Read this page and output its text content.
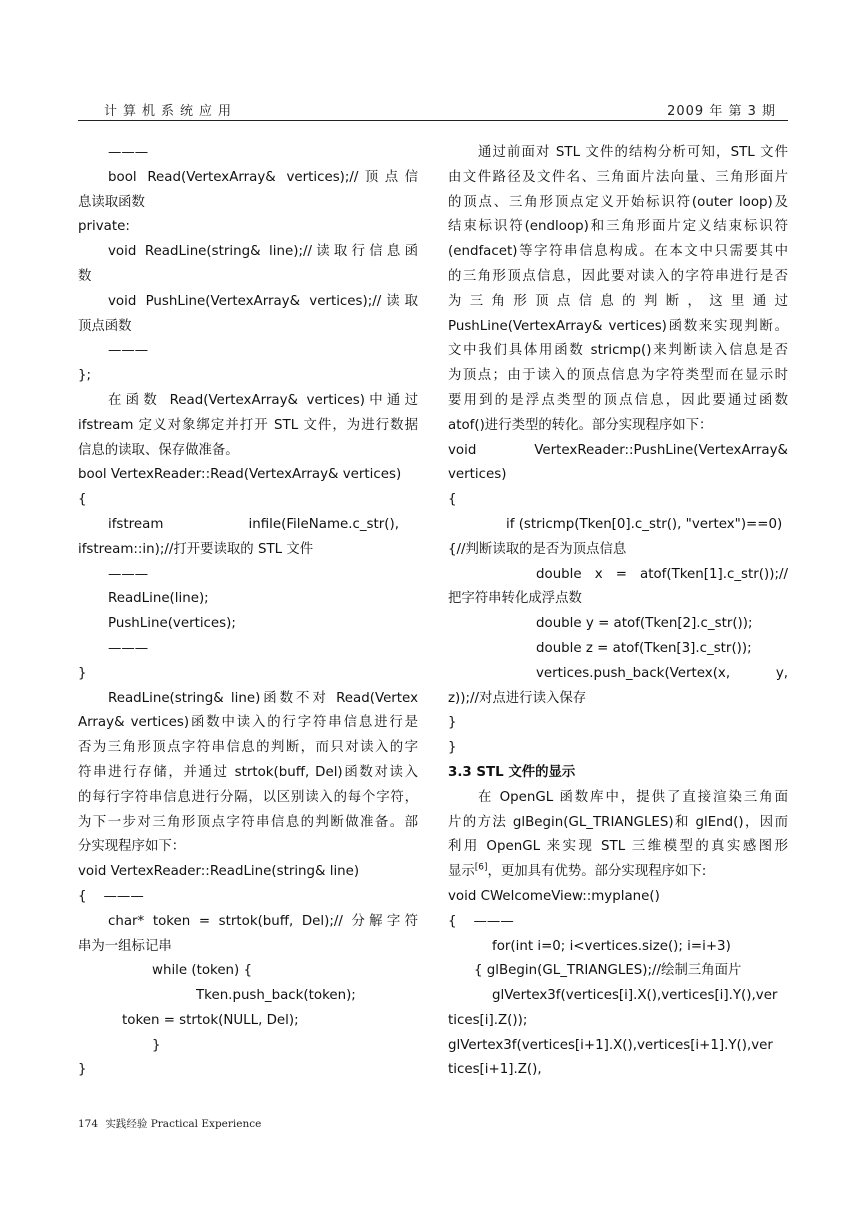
计算机系统应用	2009 年 第 3 期
———
bool Read(VertexArray& vertices);//顶点信
息读取函数
private:
void ReadLine(string& line);//读取行信息函
数
void PushLine(VertexArray& vertices);//读取
顶点函数
———
};
在函数 Read(VertexArray& vertices)中通过
ifstream 定义对象绑定并打开 STL 文件，为进行数据
信息的读取、保存做准备。
bool VertexReader::Read(VertexArray& vertices)
{
ifstream                    infile(FileName.c_str(),
ifstream::in);//打开要读取的 STL 文件
———
ReadLine(line);
PushLine(vertices);
———
}
ReadLine(string& line)函数不对 Read(Vertex
Array& vertices)函数中读入的行字符串信息进行是
否为三角形顶点字符串信息的判断，而只对读入的字
符串进行存储，并通过 strtok(buff, Del)函数对读入
的每行字符串信息进行分隔，以区别读入的每个字符，
为下一步对三角形顶点字符串信息的判断做准备。部
分实现程序如下：
void VertexReader::ReadLine(string& line)
{    ———
char* token = strtok(buff, Del);// 分解字符
串为一组标记串
while (token) {
Tken.push_back(token);
token = strtok(NULL, Del);
}
}
通过前面对 STL 文件的结构分析可知，STL 文件
由文件路径及文件名、三角面片法向量、三角形面片
的顶点、三角形顶点定义开始标识符(outer loop)及
结束标识符(endloop)和三角形面片定义结束标识符
(endfacet)等字符串信息构成。在本文中只需要其中
的三角形顶点信息，因此要对读入的字符串进行是否
为 三 角 形 顶 点 信 息 的 判 断 ， 这 里 通 过
PushLine(VertexArray& vertices)函数来实现判断。
文中我们具体用函数 stricmp()来判断读入信息是否
为顶点；由于读入的顶点信息为字符类型而在显示时
要用到的是浮点类型的顶点信息，因此要通过函数
atof()进行类型的转化。部分实现程序如下：
void         VertexReader::PushLine(VertexArray&
vertices)
{
if (stricmp(Tken[0].c_str(), "vertex")==0)
{//判断读取的是否为顶点信息
double x = atof(Tken[1].c_str());//
把字符串转化成浮点数
double y = atof(Tken[2].c_str());
double z = atof(Tken[3].c_str());
vertices.push_back(Vertex(x,       y,
z));//对点进行读入保存
}
}
3.3 STL 文件的显示
在 OpenGL 函数库中，提供了直接渲染三角面
片的方法 glBegin(GL_TRIANGLES)和 glEnd()，因而
利用 OpenGL 来实现 STL 三维模型的真实感图形
显示[6]，更加具有优势。部分实现程序如下:
void CWelcomeView::myplane()
{    ———
for(int i=0; i<vertices.size(); i=i+3)
{ glBegin(GL_TRIANGLES);//绘制三角面片
glVertex3f(vertices[i].X(),vertices[i].Y(),ver
tices[i].Z());
glVertex3f(vertices[i+1].X(),vertices[i+1].Y(),ver
tices[i+1].Z(),
174 实践经验 Practical Experience
